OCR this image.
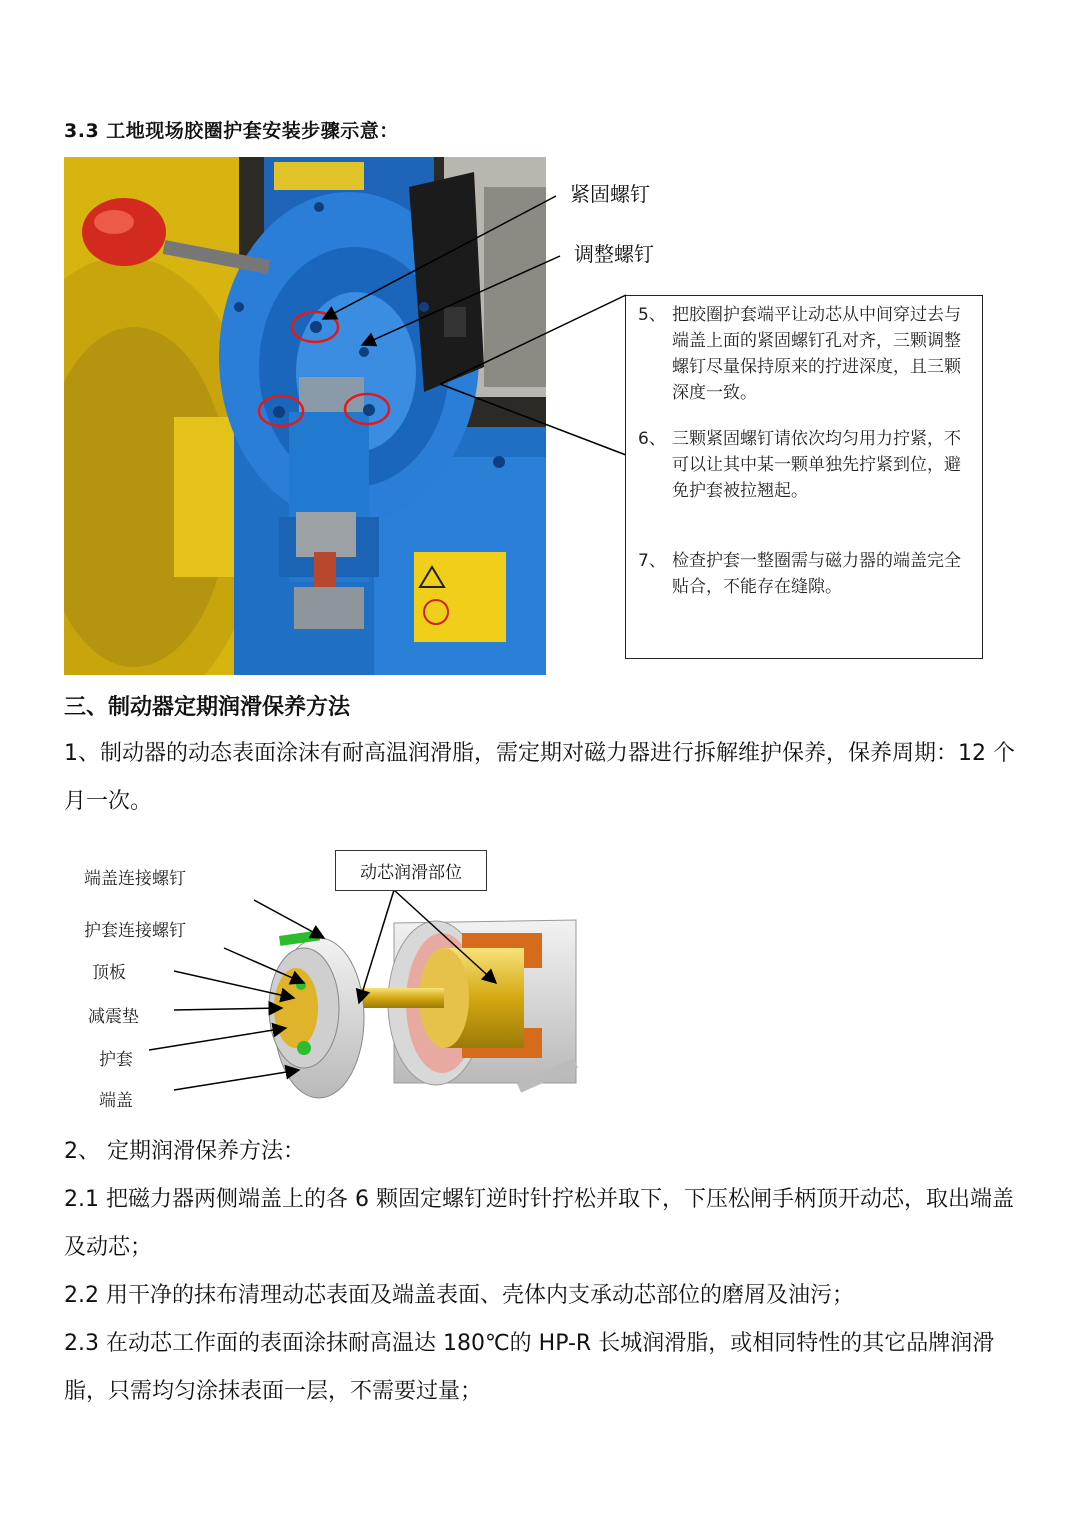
3.3 工地现场胶圈护套安装步骤示意：
紧固螺钉
调整螺钉
5、 把胶圈护套端平让动芯从中间穿过去与端盖上面的紧固螺钉孔对齐，三颗调整螺钉尽量保持原来的拧进深度，且三颗深度一致。
6、 三颗紧固螺钉请依次均匀用力拧紧，不可以让其中某一颗单独先拧紧到位，避免护套被拉翘起。
7、 检查护套一整圈需与磁力器的端盖完全贴合，不能存在缝隙。
三、制动器定期润滑保养方法
1、制动器的动态表面涂沫有耐高温润滑脂，需定期对磁力器进行拆解维护保养，保养周期：12 个月一次。
端盖连接螺钉
护套连接螺钉
顶板
减震垫
护套
端盖
动芯润滑部位
2、 定期润滑保养方法：
2.1 把磁力器两侧端盖上的各 6 颗固定螺钉逆时针拧松并取下，下压松闸手柄顶开动芯，取出端盖及动芯；
2.2 用干净的抹布清理动芯表面及端盖表面、壳体内支承动芯部位的磨屑及油污；
2.3 在动芯工作面的表面涂抹耐高温达 180℃的 HP-R 长城润滑脂，或相同特性的其它品牌润滑脂，只需均匀涂抹表面一层，不需要过量；
